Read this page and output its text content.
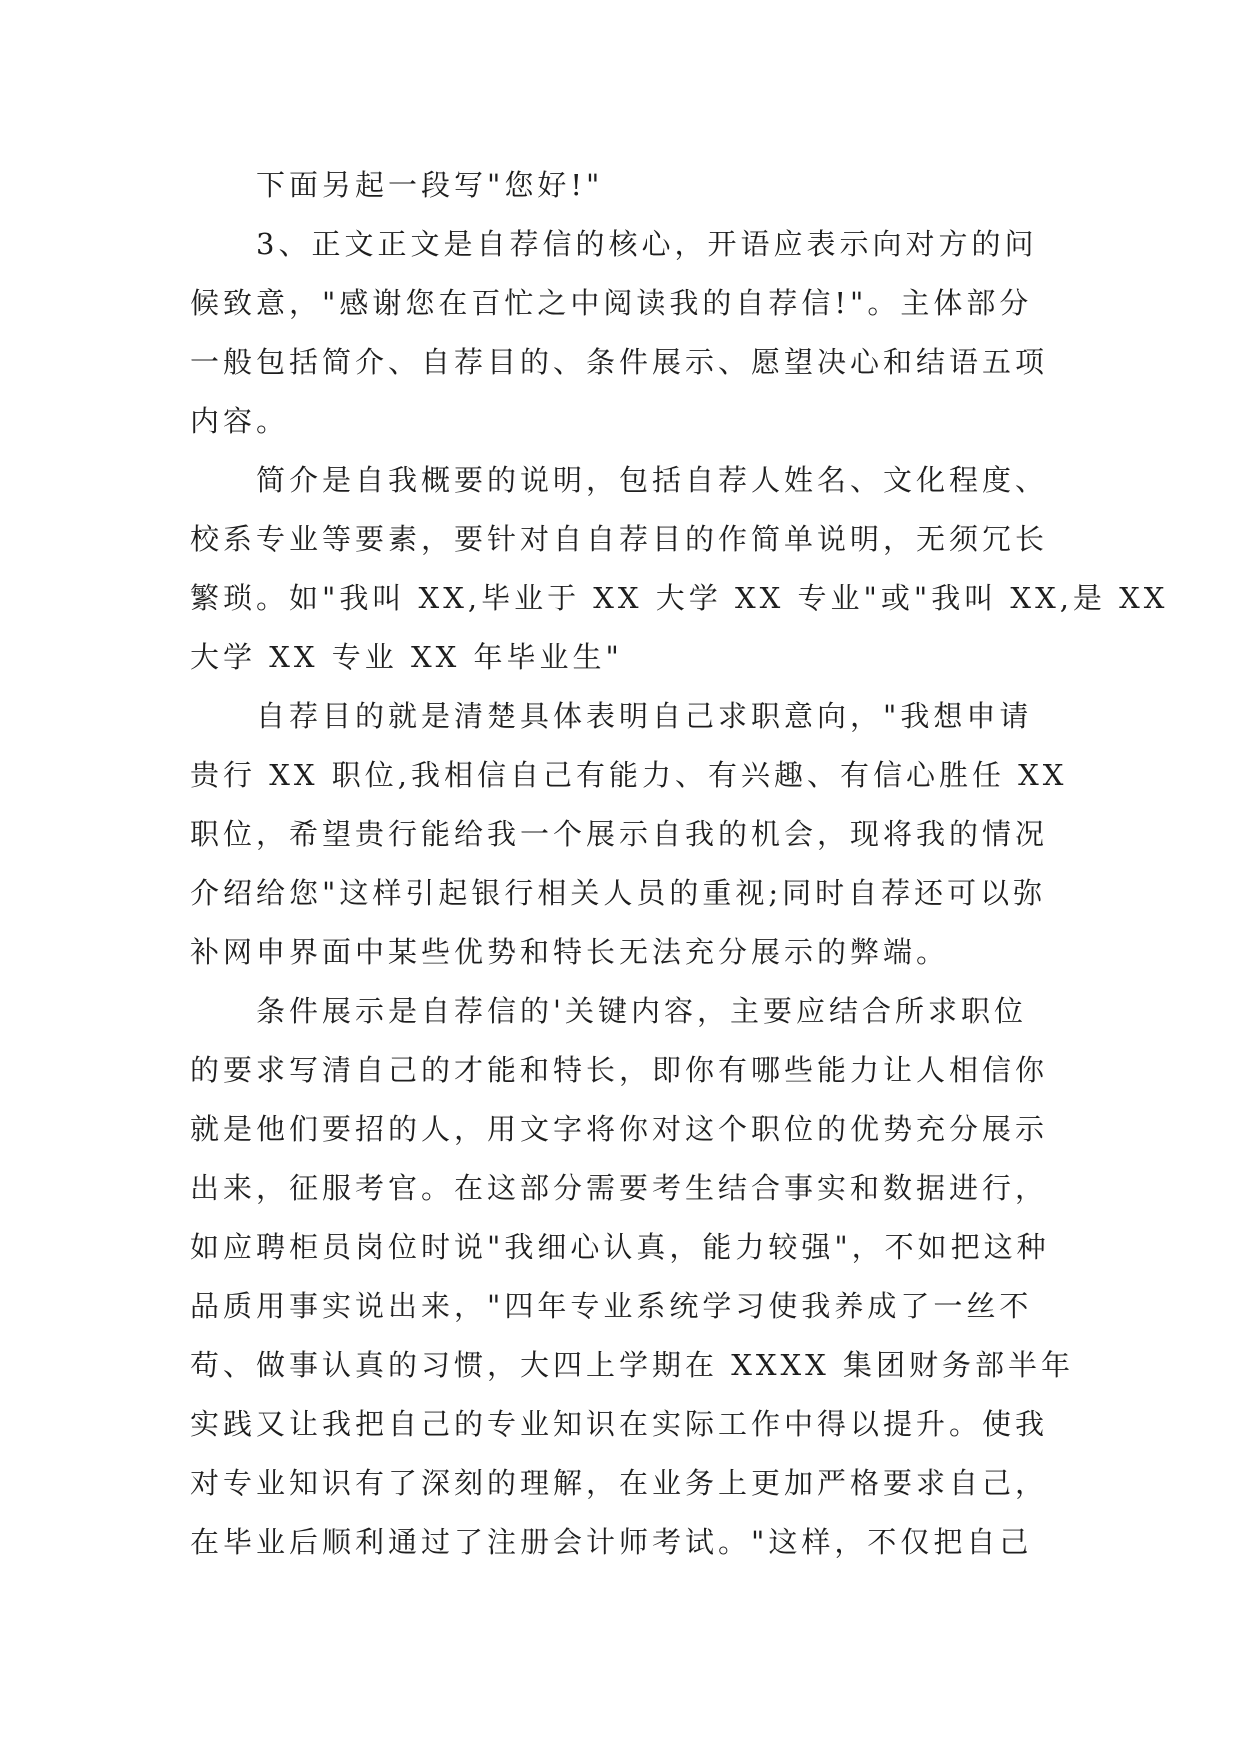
下面另起一段写"您好!"
3、正文正文是自荐信的核心，开语应表示向对方的问
候致意，"感谢您在百忙之中阅读我的自荐信!"。主体部分
一般包括简介、自荐目的、条件展示、愿望决心和结语五项
内容。
简介是自我概要的说明，包括自荐人姓名、文化程度、
校系专业等要素，要针对自自荐目的作简单说明，无须冗长
繁琐。如"我叫 XX,毕业于 XX 大学 XX 专业"或"我叫 XX,是 XX
大学 XX 专业 XX 年毕业生"
自荐目的就是清楚具体表明自己求职意向，"我想申请
贵行 XX 职位,我相信自己有能力、有兴趣、有信心胜任 XX
职位，希望贵行能给我一个展示自我的机会，现将我的情况
介绍给您"这样引起银行相关人员的重视;同时自荐还可以弥
补网申界面中某些优势和特长无法充分展示的弊端。
条件展示是自荐信的'关键内容，主要应结合所求职位
的要求写清自己的才能和特长，即你有哪些能力让人相信你
就是他们要招的人，用文字将你对这个职位的优势充分展示
出来，征服考官。在这部分需要考生结合事实和数据进行，
如应聘柜员岗位时说"我细心认真，能力较强"，不如把这种
品质用事实说出来，"四年专业系统学习使我养成了一丝不
苟、做事认真的习惯，大四上学期在 XXXX 集团财务部半年
实践又让我把自己的专业知识在实际工作中得以提升。使我
对专业知识有了深刻的理解，在业务上更加严格要求自己，
在毕业后顺利通过了注册会计师考试。"这样，不仅把自己
